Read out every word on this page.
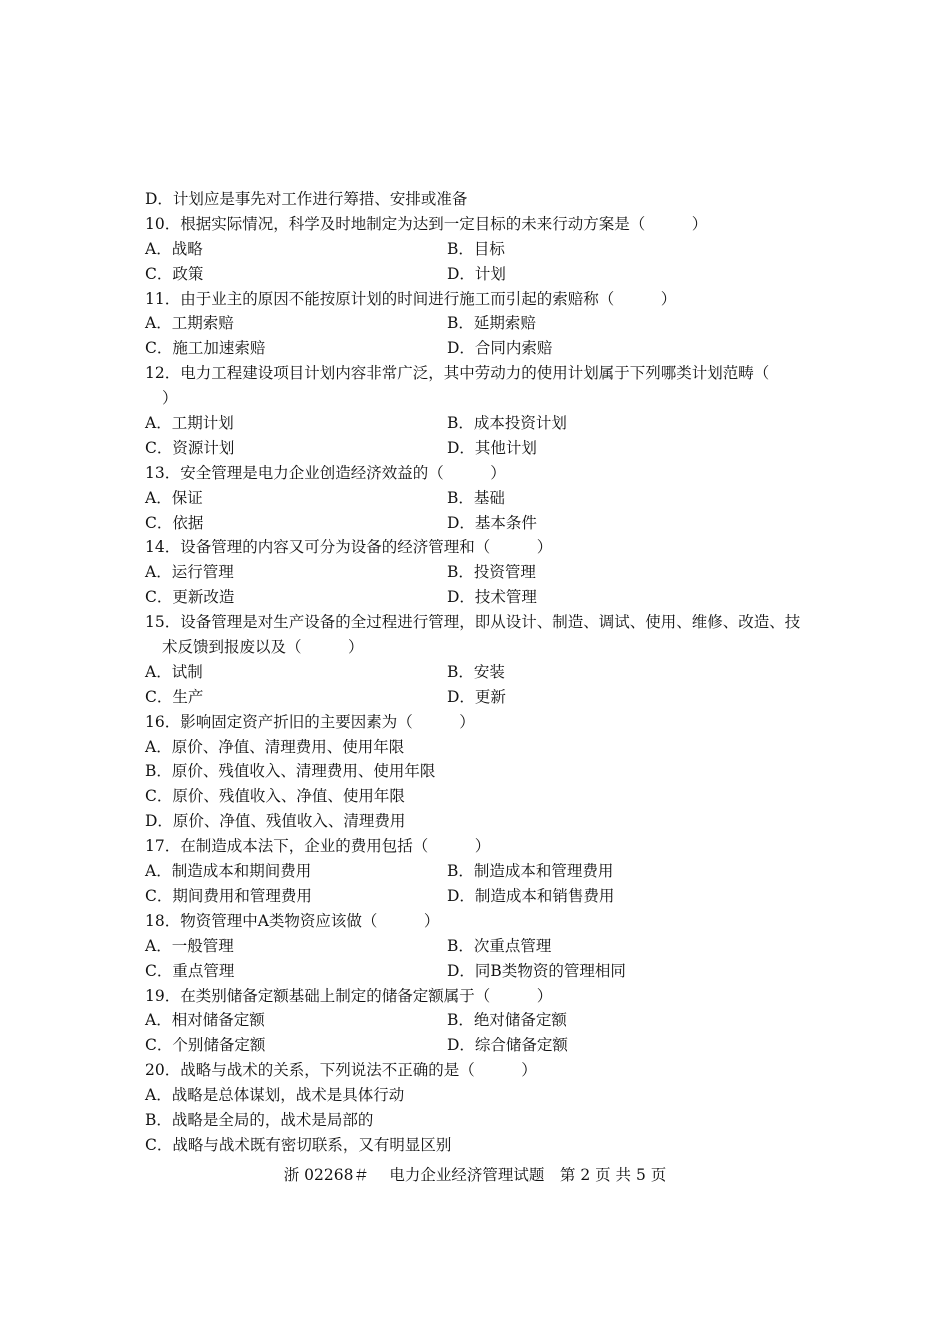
D．计划应是事先对工作进行筹措、安排或准备
10．根据实际情况，科学及时地制定为达到一定目标的未来行动方案是（　　　）
A．战略	B．目标
C．政策	D．计划
11．由于业主的原因不能按原计划的时间进行施工而引起的索赔称（　　　）
A．工期索赔	B．延期索赔
C．施工加速索赔	D．合同内索赔
12．电力工程建设项目计划内容非常广泛，其中劳动力的使用计划属于下列哪类计划范畴（
）
A．工期计划	B．成本投资计划
C．资源计划	D．其他计划
13．安全管理是电力企业创造经济效益的（　　　）
A．保证	B．基础
C．依据	D．基本条件
14．设备管理的内容又可分为设备的经济管理和（　　　）
A．运行管理	B．投资管理
C．更新改造	D．技术管理
15．设备管理是对生产设备的全过程进行管理，即从设计、制造、调试、使用、维修、改造、技
术反馈到报废以及（　　　）
A．试制	B．安装
C．生产	D．更新
16．影响固定资产折旧的主要因素为（　　　）
A．原价、净值、清理费用、使用年限
B．原价、残值收入、清理费用、使用年限
C．原价、残值收入、净值、使用年限
D．原价、净值、残值收入、清理费用
17．在制造成本法下，企业的费用包括（　　　）
A．制造成本和期间费用	B．制造成本和管理费用
C．期间费用和管理费用	D．制造成本和销售费用
18．物资管理中A类物资应该做（　　　）
A．一般管理	B．次重点管理
C．重点管理	D．同B类物资的管理相同
19．在类别储备定额基础上制定的储备定额属于（　　　）
A．相对储备定额	B．绝对储备定额
C．个别储备定额	D．综合储备定额
20．战略与战术的关系，下列说法不正确的是（　　　）
A．战略是总体谋划，战术是具体行动
B．战略是全局的，战术是局部的
C．战略与战术既有密切联系，又有明显区别
浙 02268＃　 电力企业经济管理试题　第 2 页 共 5 页
